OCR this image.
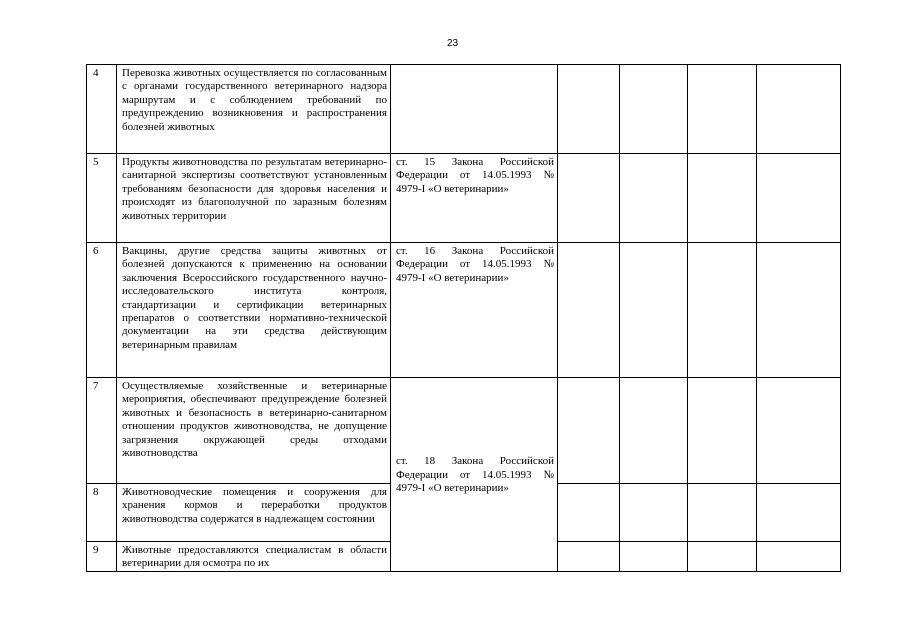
23
4	Перевозка животных осуществляется по согласованным с органами государственного ветеринарного надзора маршрутам и с соблюдением требований по предупреждению возникновения и распространения болезней животных					
5	Продукты животноводства по результатам ветеринарно-санитарной экспертизы соответствуют установленным требованиям безопасности для здоровья населения и происходят из благополучной по заразным болезням животных территории	ст. 15 Закона Российской Федерации от 14.05.1993 № 4979-I «О ветеринарии»				
6	Вакцины, другие средства защиты животных от болезней допускаются к применению на основании заключения Всероссийского государственного научно-исследовательского института контроля, стандартизации и сертификации ветеринарных препаратов о соответствии нормативно-технической документации на эти средства действующим ветеринарным правилам	ст. 16 Закона Российской Федерации от 14.05.1993 № 4979-I «О ветеринарии»				
7	Осуществляемые хозяйственные и ветеринарные мероприятия, обеспечивают предупреждение болезней животных и безопасность в ветеринарно-санитарном отношении продуктов животноводства, не допущение загрязнения окружающей среды отходами животноводства	ст. 18 Закона Российской Федерации от 14.05.1993 № 4979-I «О ветеринарии»				
8	Животноводческие помещения и сооружения для хранения кормов и переработки продуктов животноводства содержатся в надлежащем состоянии					
9	Животные предоставляются специалистам в области ветеринарии для осмотра по их					
